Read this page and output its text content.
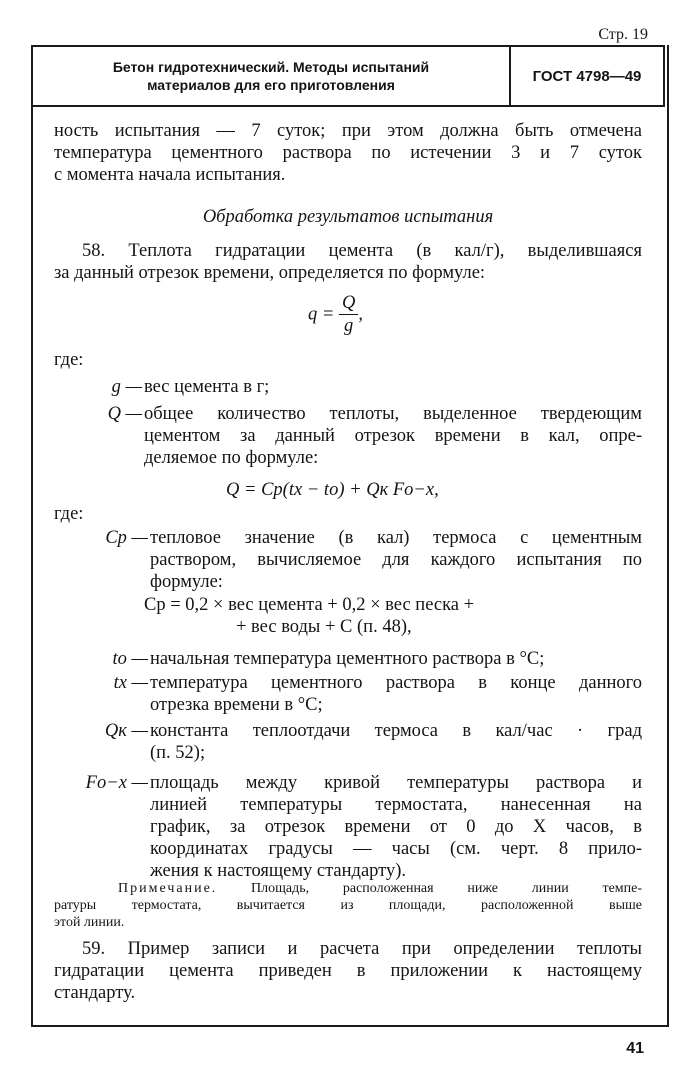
Стр. 19
Бетон гидротехнический. Методы испытаний
материалов для его приготовления
ГОСТ 4798—49
ность испытания — 7 суток; при этом должна быть отмечена
температура цементного раствора по истечении 3 и 7 суток
с момента начала испытания.
Обработка результатов испытания
58. Теплота гидратации цемента (в кал/г), выделившаяся
за данный отрезок времени, определяется по формуле:
$q = \frac{Q}{g}$ ,
где:
g — вес цемента в г;
Q — общее количество теплоты, выделенное твердеющим
цементом за данный отрезок времени в кал, опре-
деляемое по формуле:
Q = Cp(tx − to) + Qк Fo−x,
где:
Cp — тепловое значение (в кал) термоса с цементным
раствором, вычисляемое для каждого испытания по
формуле:
Cp = 0,2 × вес цемента + 0,2 × вес песка +
+ вес воды + C (п. 48),
to — начальная температура цементного раствора в °С;
tx — температура цементного раствора в конце данного
отрезка времени в °С;
Qк — константа теплоотдачи термоса в кал/час · град
(п. 52);
Fo−x — площадь между кривой температуры раствора и
линией температуры термостата, нанесенная на
график, за отрезок времени от 0 до X часов, в
координатах градусы — часы (см. черт. 8 прило-
жения к настоящему стандарту).
Примечание. Площадь, расположенная ниже линии темпе-
ратуры термостата, вычитается из площади, расположенной выше
этой линии.
59. Пример записи и расчета при определении теплоты
гидратации цемента приведен в приложении к настоящему
стандарту.
41
